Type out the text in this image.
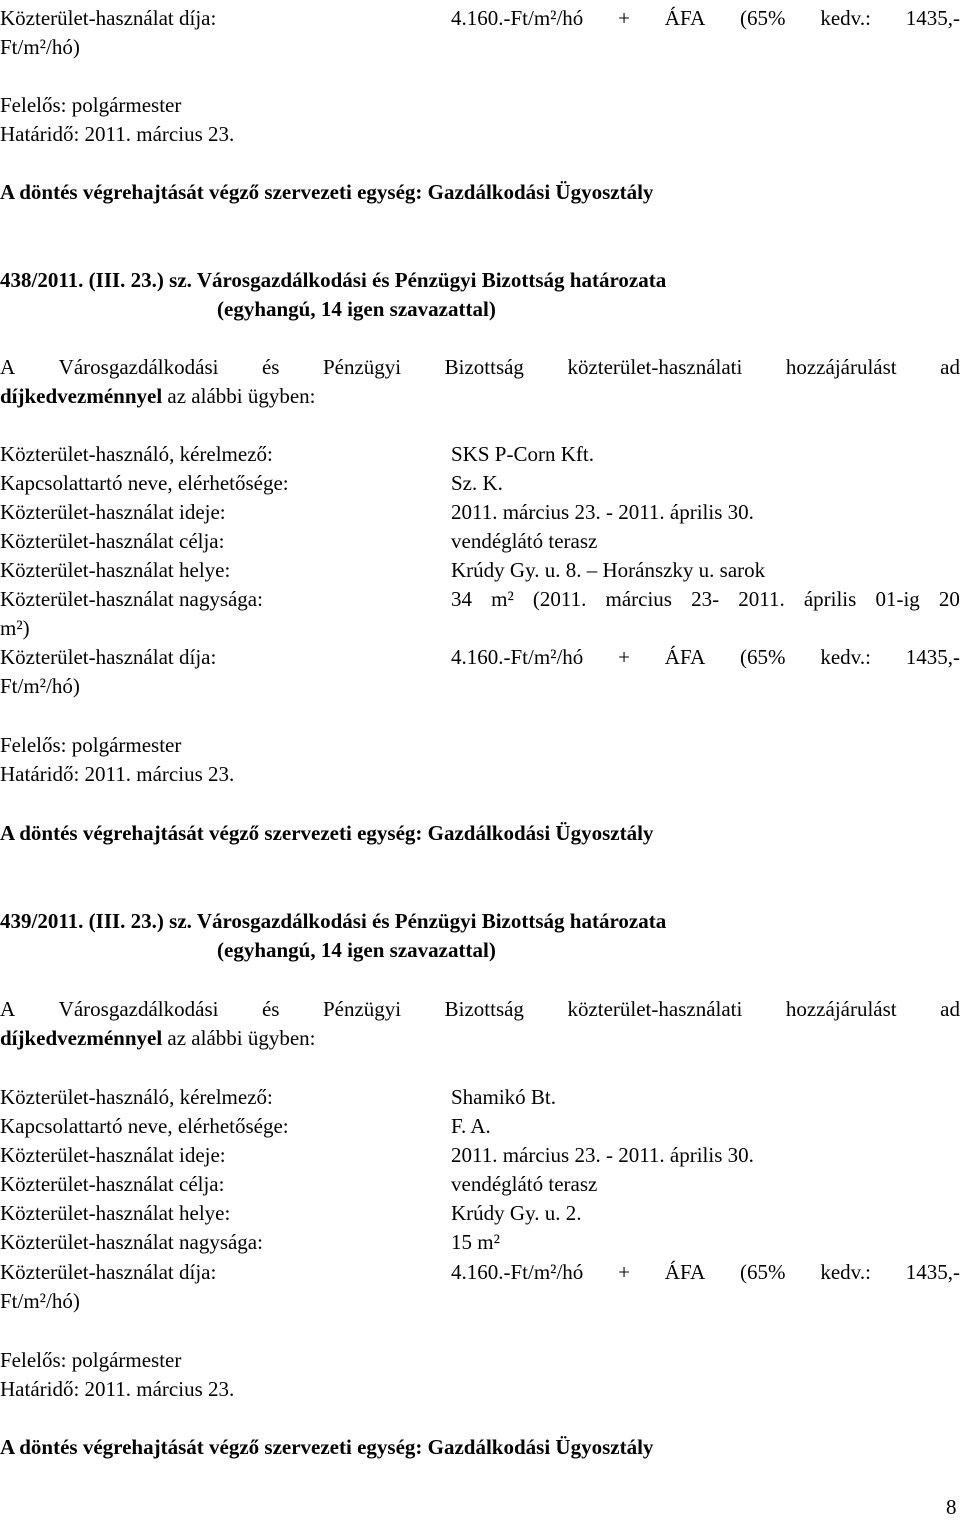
Közterület-használat díja:	4.160.-Ft/m²/hó + ÁFA (65% kedv.: 1435,-
Ft/m²/hó)
Felelős: polgármester
Határidő: 2011. március 23.
A döntés végrehajtását végző szervezeti egység: Gazdálkodási Ügyosztály
438/2011. (III. 23.) sz. Városgazdálkodási és Pénzügyi Bizottság határozata
(egyhangú, 14 igen szavazattal)
A Városgazdálkodási és Pénzügyi Bizottság közterület-használati hozzájárulást ad
díjkedvezménnyel az alábbi ügyben:
Közterület-használó, kérelmező:	SKS P-Corn Kft.
Kapcsolattartó neve, elérhetősége:	Sz. K.
Közterület-használat ideje:	2011. március 23. - 2011. április 30.
Közterület-használat célja:	vendéglátó terasz
Közterület-használat helye:	Krúdy Gy. u. 8. – Horánszky u. sarok
Közterület-használat nagysága:	34 m² (2011. március 23- 2011. április 01-ig 20
m²)
Közterület-használat díja:	4.160.-Ft/m²/hó + ÁFA (65% kedv.: 1435,-
Ft/m²/hó)
Felelős: polgármester
Határidő: 2011. március 23.
A döntés végrehajtását végző szervezeti egység: Gazdálkodási Ügyosztály
439/2011. (III. 23.) sz. Városgazdálkodási és Pénzügyi Bizottság határozata
(egyhangú, 14 igen szavazattal)
A Városgazdálkodási és Pénzügyi Bizottság közterület-használati hozzájárulást ad
díjkedvezménnyel az alábbi ügyben:
Közterület-használó, kérelmező:	Shamikó Bt.
Kapcsolattartó neve, elérhetősége:	F. A.
Közterület-használat ideje:	2011. március 23. - 2011. április 30.
Közterület-használat célja:	vendéglátó terasz
Közterület-használat helye:	Krúdy Gy. u. 2.
Közterület-használat nagysága:	15 m²
Közterület-használat díja:	4.160.-Ft/m²/hó + ÁFA (65% kedv.: 1435,-
Ft/m²/hó)
Felelős: polgármester
Határidő: 2011. március 23.
A döntés végrehajtását végző szervezeti egység: Gazdálkodási Ügyosztály
8
